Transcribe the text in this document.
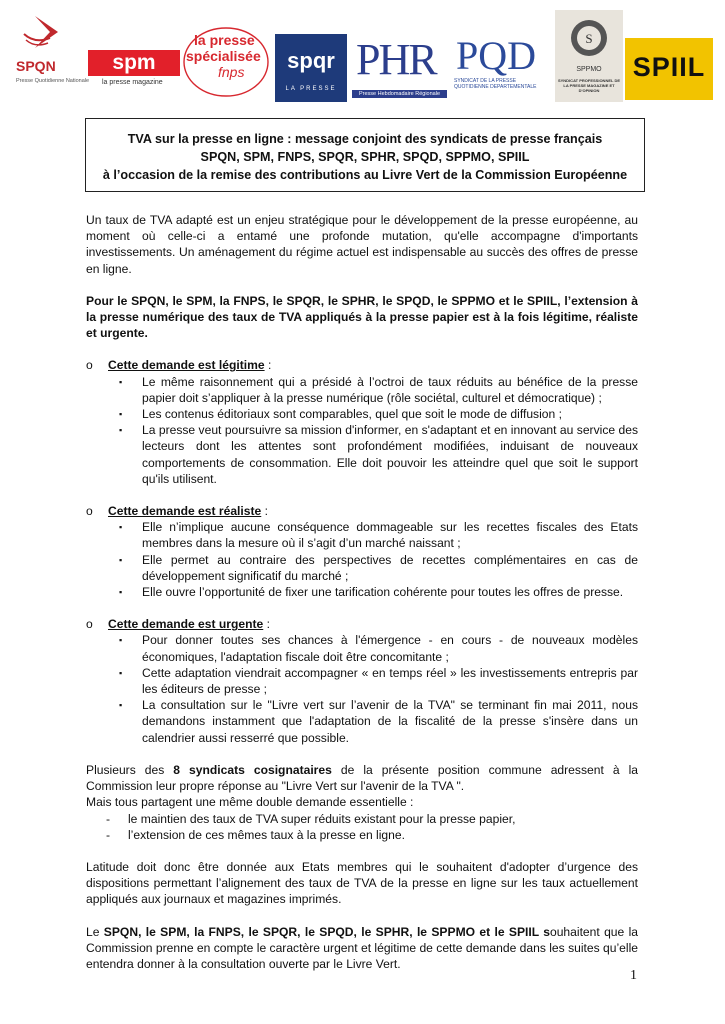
SPQN
Presse Quotidienne Nationale
spm
la presse magazine
la presse
spécialisée
fnps	spqr
LA PRESSE
PHR
Presse Hebdomadaire Régionale
PQD
SYNDICAT DE LA PRESSE QUOTIDIENNE DEPARTEMENTALE
S
SPPMO
SYNDICAT PROFESSIONNEL DE LA PRESSE MAGAZINE ET D'OPINION
SPIIL
TVA sur la presse en ligne : message conjoint des syndicats de presse français
SPQN, SPM, FNPS, SPQR, SPHR, SPQD, SPPMO, SPIIL
à l’occasion de la remise des contributions au Livre Vert de la Commission Européenne

Un taux de TVA adapté est un enjeu stratégique pour le développement de la presse européenne, au moment où celle-ci a entamé une profonde mutation, qu'elle accompagne d'importants investissements. Un aménagement du régime actuel est indispensable au succès des offres de presse en ligne.

Pour le SPQN, le SPM, la FNPS, le SPQR, le SPHR, le SPQD, le SPPMO et le SPIIL, l’extension à la presse numérique des taux de TVA appliqués à la presse papier est à la fois légitime, réaliste et urgente.

o Cette demande est légitime :
▪ Le même raisonnement qui a présidé à l’octroi de taux réduits au bénéfice de la presse papier doit s’appliquer à la presse numérique (rôle sociétal, culturel et démocratique) ;
▪ Les contenus éditoriaux sont comparables, quel que soit le mode de diffusion ;
▪ La presse veut poursuivre sa mission d'informer, en s'adaptant et en innovant au service des lecteurs dont les attentes sont profondément modifiées, induisant de nouveaux comportements de consommation. Elle doit pouvoir les atteindre quel que soit le support qu'ils utilisent.
o Cette demande est réaliste :
▪ Elle n’implique aucune conséquence dommageable sur les recettes fiscales des Etats membres dans la mesure où il s’agit d’un marché naissant ;
▪ Elle permet au contraire des perspectives de recettes complémentaires en cas de développement significatif du marché ;
▪ Elle ouvre l’opportunité de fixer une tarification cohérente pour toutes les offres de presse.
o Cette demande est urgente :
▪ Pour donner toutes ses chances à l'émergence - en cours - de nouveaux modèles économiques, l'adaptation fiscale doit être concomitante ;
▪ Cette adaptation viendrait accompagner « en temps réel » les investissements entrepris par les éditeurs de presse ;
▪ La consultation sur le "Livre vert sur l’avenir de la TVA" se terminant fin mai 2011, nous demandons instamment que l'adaptation de la fiscalité de la presse s'insère dans un calendrier aussi resserré que possible.

Plusieurs des 8 syndicats cosignataires de la présente position commune adressent à la Commission leur propre réponse au "Livre Vert sur l'avenir de la TVA ".

Mais tous partagent une même double demande essentielle :

- le maintien des taux de TVA super réduits existant pour la presse papier,
- l’extension de ces mêmes taux à la presse en ligne.

Latitude doit donc être donnée aux Etats membres qui le souhaitent d'adopter d’urgence des dispositions permettant l’alignement des taux de TVA de la presse en ligne sur les taux actuellement appliqués aux journaux et magazines imprimés.

Le SPQN, le SPM, la FNPS, le SPQR, le SPQD, le SPHR, le SPPMO et le SPIIL souhaitent que la Commission prenne en compte le caractère urgent et légitime de cette demande dans les suites qu’elle entendra donner à la consultation ouverte par le Livre Vert.

1
